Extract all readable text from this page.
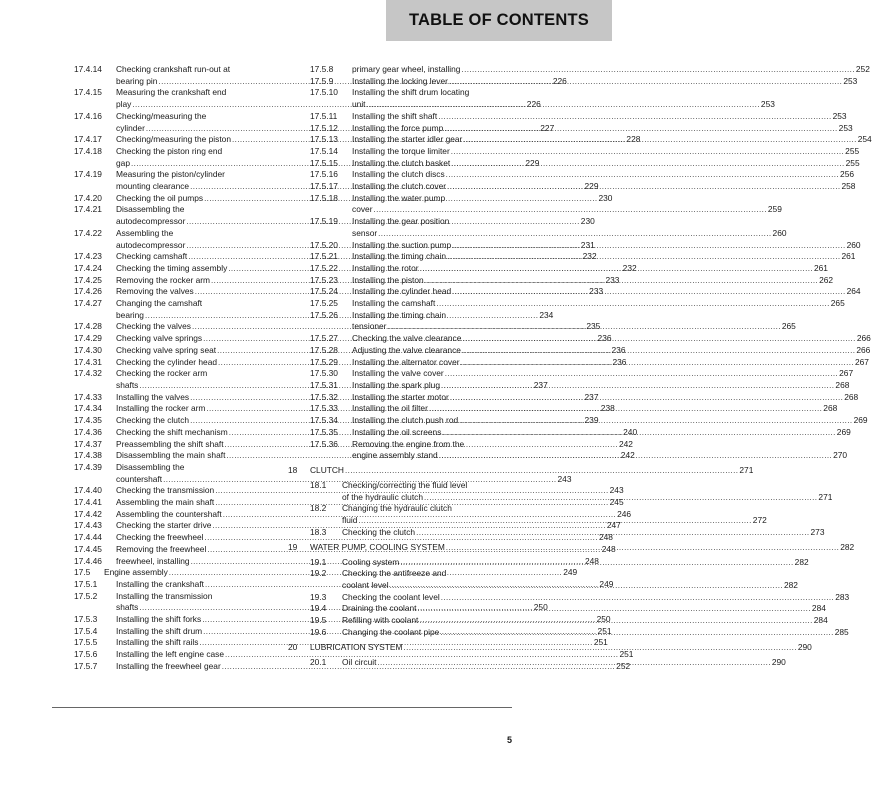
TABLE OF CONTENTS
17.4.14	Checking crankshaft run-out at
bearing pin .....	226
17.4.15	Measuring the crankshaft end
play .....	226
17.4.16	Checking/measuring the
cylinder .....	227
17.4.17	Checking/measuring the piston .....	228
17.4.18	Checking the piston ring end
gap .....	229
17.4.19	Measuring the piston/cylinder
mounting clearance .....	229
17.4.20	Checking the oil pumps .....	230
17.4.21	Disassembling the
autodecompressor .....	230
17.4.22	Assembling the
autodecompressor .....	231
17.4.23	Checking camshaft .....	232
17.4.24	Checking the timing assembly .....	232
17.4.25	Removing the rocker arm .....	233
17.4.26	Removing the valves .....	233
17.4.27	Changing the camshaft
bearing .....	234
17.4.28	Checking the valves .....	235
17.4.29	Checking valve springs .....	236
17.4.30	Checking valve spring seat .....	236
17.4.31	Checking the cylinder head .....	236
17.4.32	Checking the rocker arm
shafts .....	237
17.4.33	Installing the valves .....	237
17.4.34	Installing the rocker arm .....	238
17.4.35	Checking the clutch .....	239
17.4.36	Checking the shift mechanism .....	240
17.4.37	Preassembling the shift shaft .....	242
17.4.38	Disassembling the main shaft .....	242
17.4.39	Disassembling the
countershaft .....	243
17.4.40	Checking the transmission .....	243
17.4.41	Assembling the main shaft .....	245
17.4.42	Assembling the countershaft .....	246
17.4.43	Checking the starter drive .....	247
17.4.44	Checking the freewheel .....	248
17.4.45	Removing the freewheel .....	248
17.4.46	freewheel, installing .....	248
17.5	Engine assembly .....	249
17.5.1	Installing the crankshaft .....	249
17.5.2	Installing the transmission
shafts .....	250
17.5.3	Installing the shift forks .....	250
17.5.4	Installing the shift drum .....	251
17.5.5	Installing the shift rails .....	251
17.5.6	Installing the left engine case .....	251
17.5.7	Installing the freewheel gear .....	252
17.5.8	primary gear wheel, installing .....	252
17.5.9	Installing the locking lever .....	253
17.5.10	Installing the shift drum locating
unit .....	253
17.5.11	Installing the shift shaft .....	253
17.5.12	Installing the force pump .....	253
17.5.13	Installing the starter idler gear .....	254
17.5.14	Installing the torque limiter .....	255
17.5.15	Installing the clutch basket .....	255
17.5.16	Installing the clutch discs .....	256
17.5.17	Installing the clutch cover .....	258
17.5.18	Installing the water pump
cover .....	259
17.5.19	Installing the gear position
sensor .....	260
17.5.20	Installing the suction pump .....	260
17.5.21	Installing the timing chain .....	261
17.5.22	Installing the rotor .....	261
17.5.23	Installing the piston .....	262
17.5.24	Installing the cylinder head .....	264
17.5.25	Installing the camshaft .....	265
17.5.26	Installing the timing chain
tensioner .....	265
17.5.27	Checking the valve clearance .....	266
17.5.28	Adjusting the valve clearance .....	266
17.5.29	Installing the alternator cover .....	267
17.5.30	Installing the valve cover .....	267
17.5.31	Installing the spark plug .....	268
17.5.32	Installing the starter motor .....	268
17.5.33	Installing the oil filter .....	268
17.5.34	Installing the clutch push rod .....	269
17.5.35	Installing the oil screens .....	269
17.5.36	Removing the engine from the
engine assembly stand .....	270
18	CLUTCH .....	271
18.1	Checking/correcting the fluid level
of the hydraulic clutch .....	271
18.2	Changing the hydraulic clutch
fluid .....	272
18.3	Checking the clutch .....	273
19	WATER PUMP, COOLING SYSTEM .....	282
19.1	Cooling system .....	282
19.2	Checking the antifreeze and
coolant level .....	282
19.3	Checking the coolant level .....	283
19.4	Draining the coolant .....	284
19.5	Refilling with coolant .....	284
19.6	Changing the coolant pipe .....	285
20	LUBRICATION SYSTEM .....	290
20.1	Oil circuit .....	290
5
